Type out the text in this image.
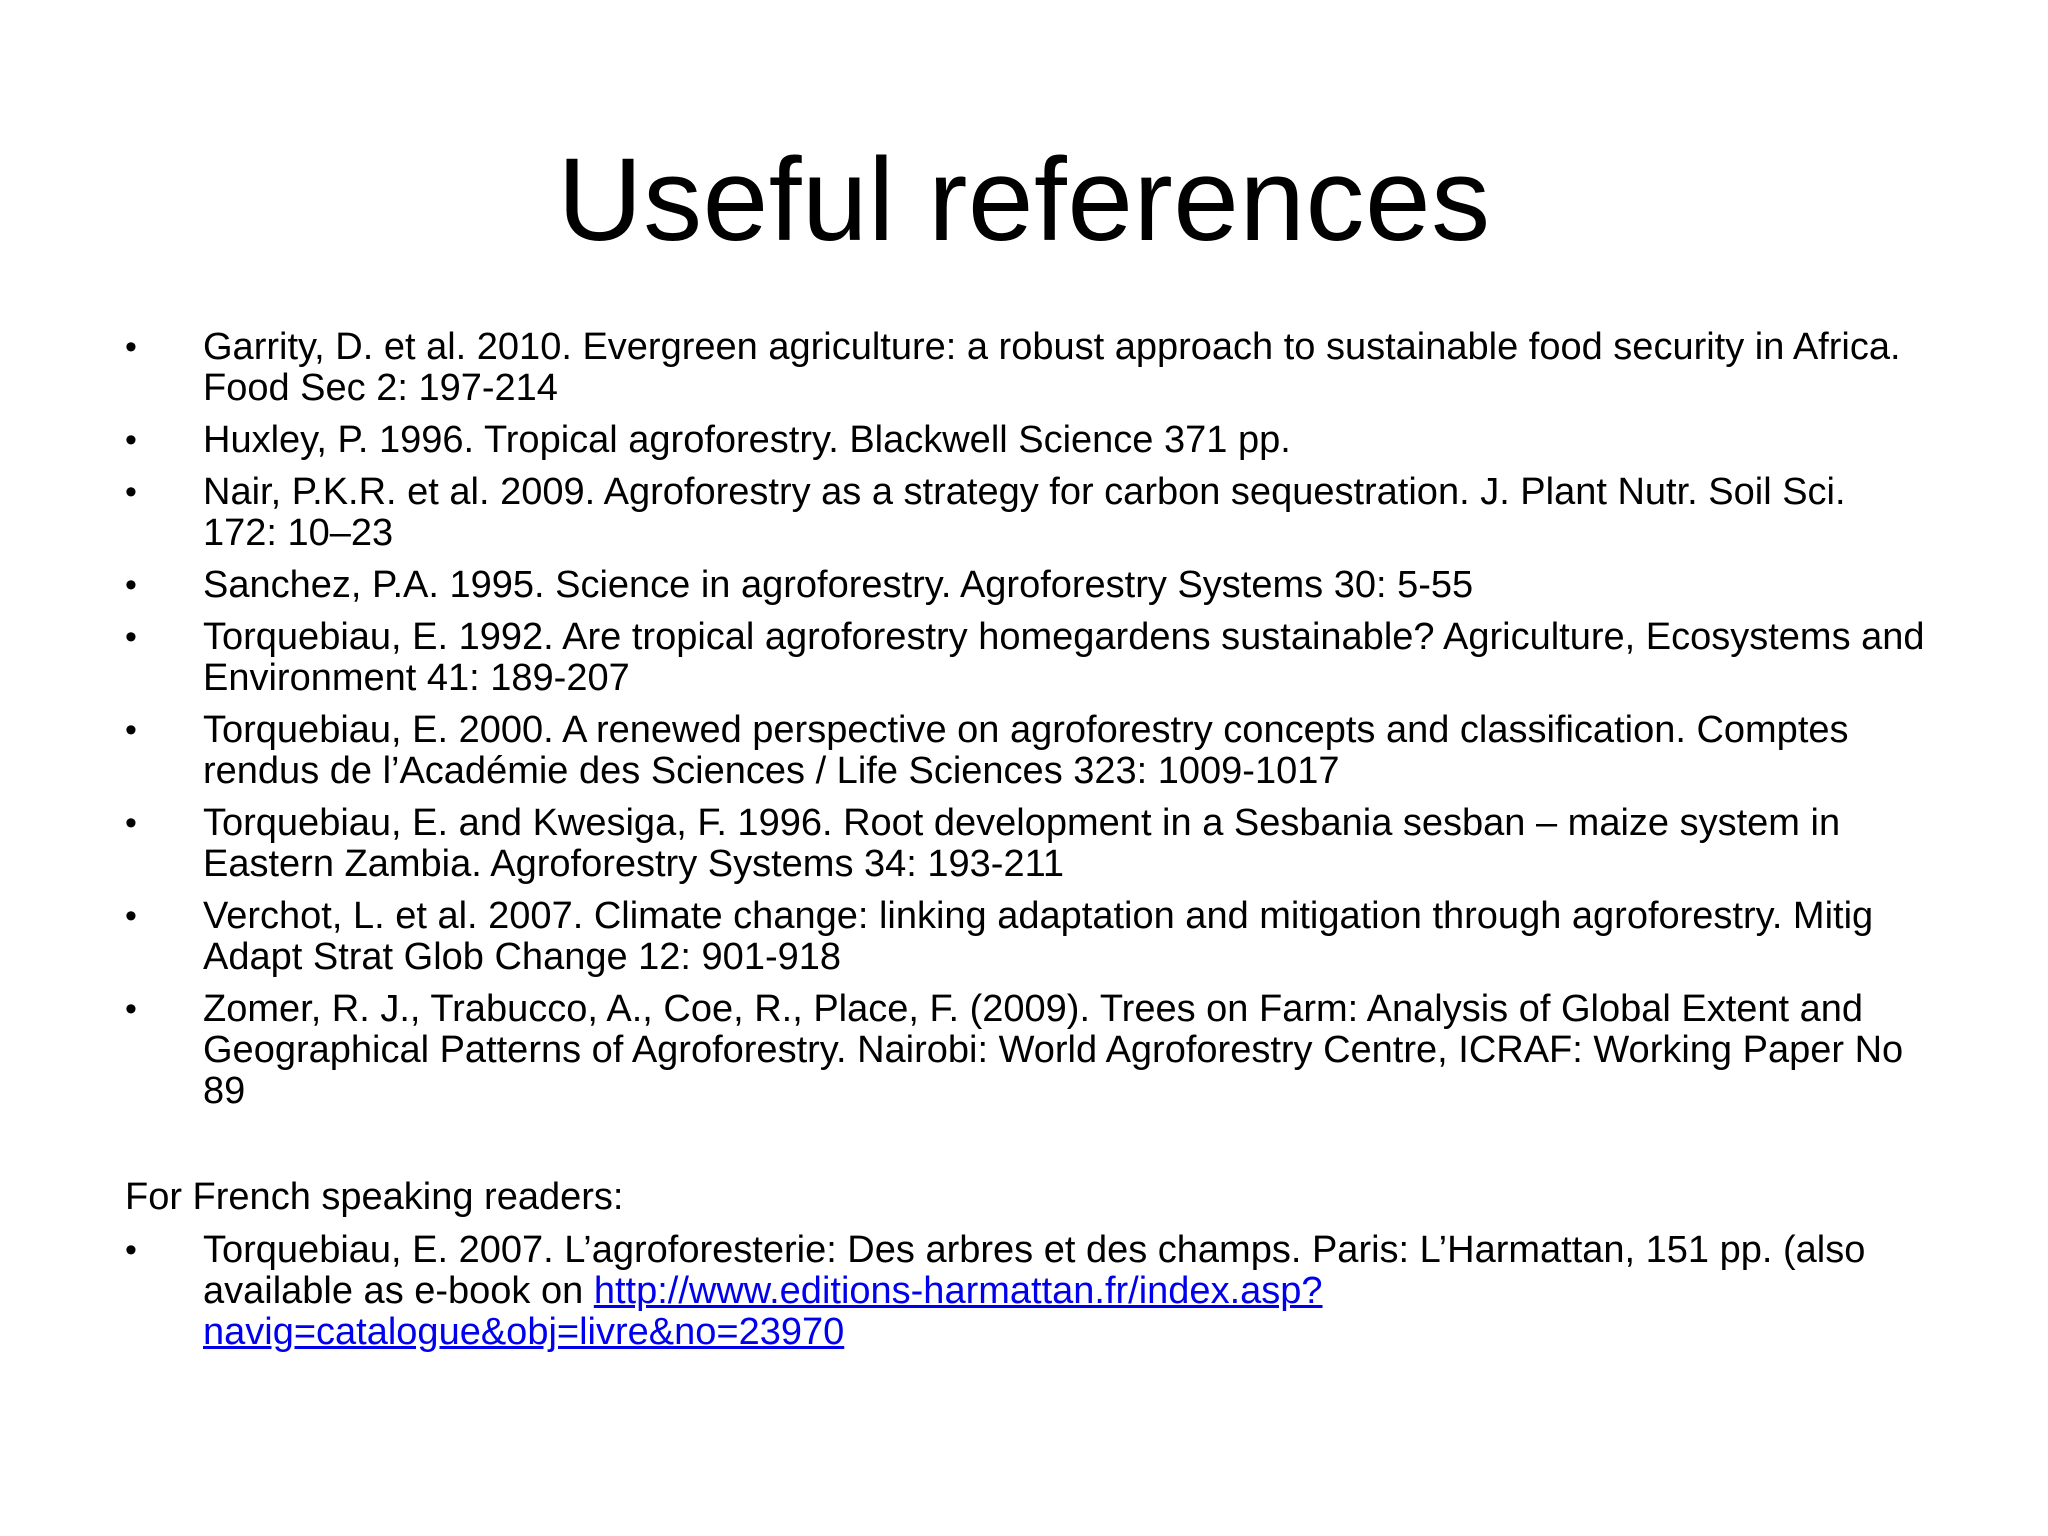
Useful references
•	Garrity, D. et al. 2010. Evergreen agriculture: a robust approach to sustainable food security in Africa. Food Sec 2: 197-214
•	Huxley, P. 1996. Tropical agroforestry. Blackwell Science 371 pp.
•	Nair, P.K.R. et al. 2009. Agroforestry as a strategy for carbon sequestration. J. Plant Nutr. Soil Sci. 172: 10–23
•	Sanchez, P.A. 1995. Science in agroforestry. Agroforestry Systems 30: 5-55
•	Torquebiau, E. 1992. Are tropical agroforestry homegardens sustainable? Agriculture, Ecosystems and Environment 41: 189-207
•	Torquebiau, E. 2000. A renewed perspective on agroforestry concepts and classification. Comptes rendus de l’Académie des Sciences / Life Sciences 323: 1009-1017
•	Torquebiau, E. and Kwesiga, F. 1996. Root development in a Sesbania sesban – maize system in Eastern Zambia. Agroforestry Systems 34: 193-211
•	Verchot, L. et al. 2007. Climate change: linking adaptation and mitigation through agroforestry. Mitig Adapt Strat Glob Change 12: 901-918
•	Zomer, R. J., Trabucco, A., Coe, R., Place, F. (2009). Trees on Farm: Analysis of Global Extent and Geographical Patterns of Agroforestry. Nairobi: World Agroforestry Centre, ICRAF: Working Paper No 89

For French speaking readers:

•	Torquebiau, E. 2007. L’agroforesterie: Des arbres et des champs. Paris: L’Harmattan, 151 pp. (also available as e-book on http://www.editions-harmattan.fr/index.asp?navig=catalogue&obj=livre&no=23970
